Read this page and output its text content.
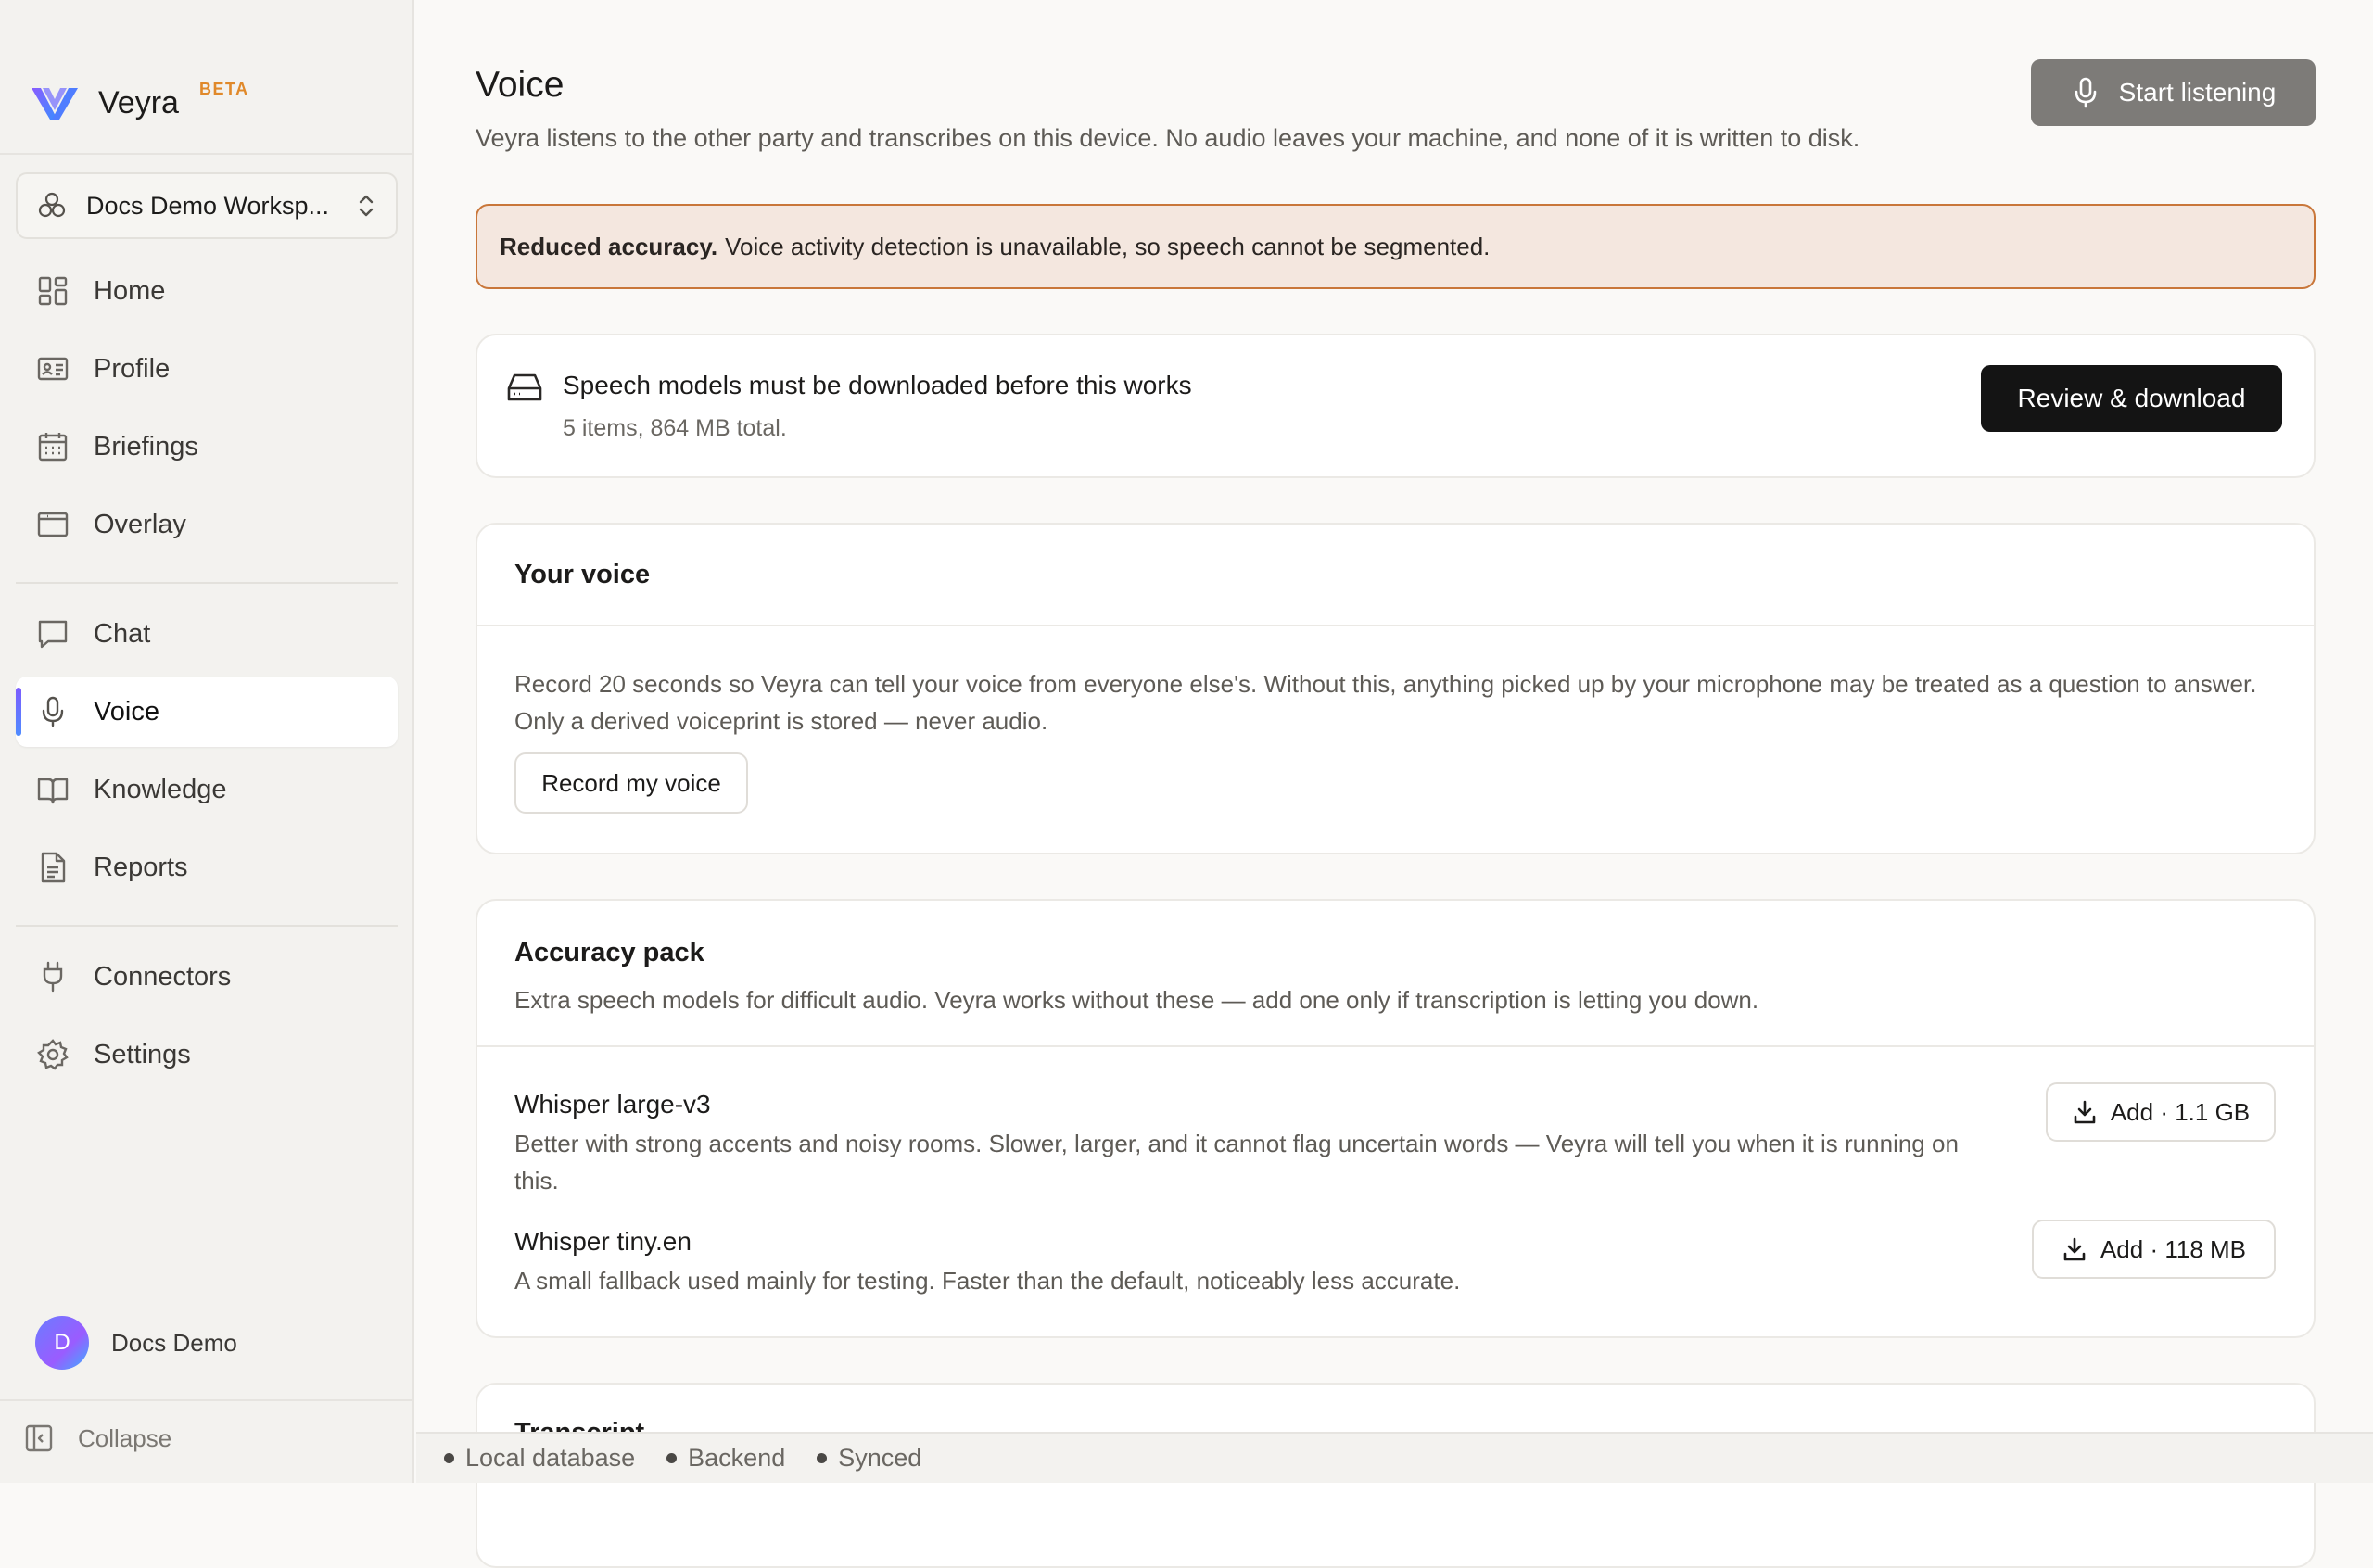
Veyra BETA
Docs Demo Worksp...
Home
Profile
Briefings
Overlay
Chat
Voice
Knowledge
Reports
Connectors
Settings
D	Docs Demo
Collapse
Voice

Veyra listens to the other party and transcribes on this device. No audio leaves your machine, and none of it is written to disk.

Start listening
Reduced accuracy. Voice activity detection is unavailable, so speech cannot be segmented.
Speech models must be downloaded before this works
5 items, 864 MB total.
Review & download
Your voice

Record 20 seconds so Veyra can tell your voice from everyone else's. Without this, anything picked up by your microphone may be treated as a question to answer. Only a derived voiceprint is stored — never audio.

Record my voice
Accuracy pack

Extra speech models for difficult audio. Veyra works without these — add one only if transcription is letting you down.

Whisper large-v3

Better with strong accents and noisy rooms. Slower, larger, and it cannot flag uncertain words — Veyra will tell you when it is running on this.

Add · 1.1 GB
Whisper tiny.en

A small fallback used mainly for testing. Faster than the default, noticeably less accurate.

Add · 118 MB
Local database Backend Synced
